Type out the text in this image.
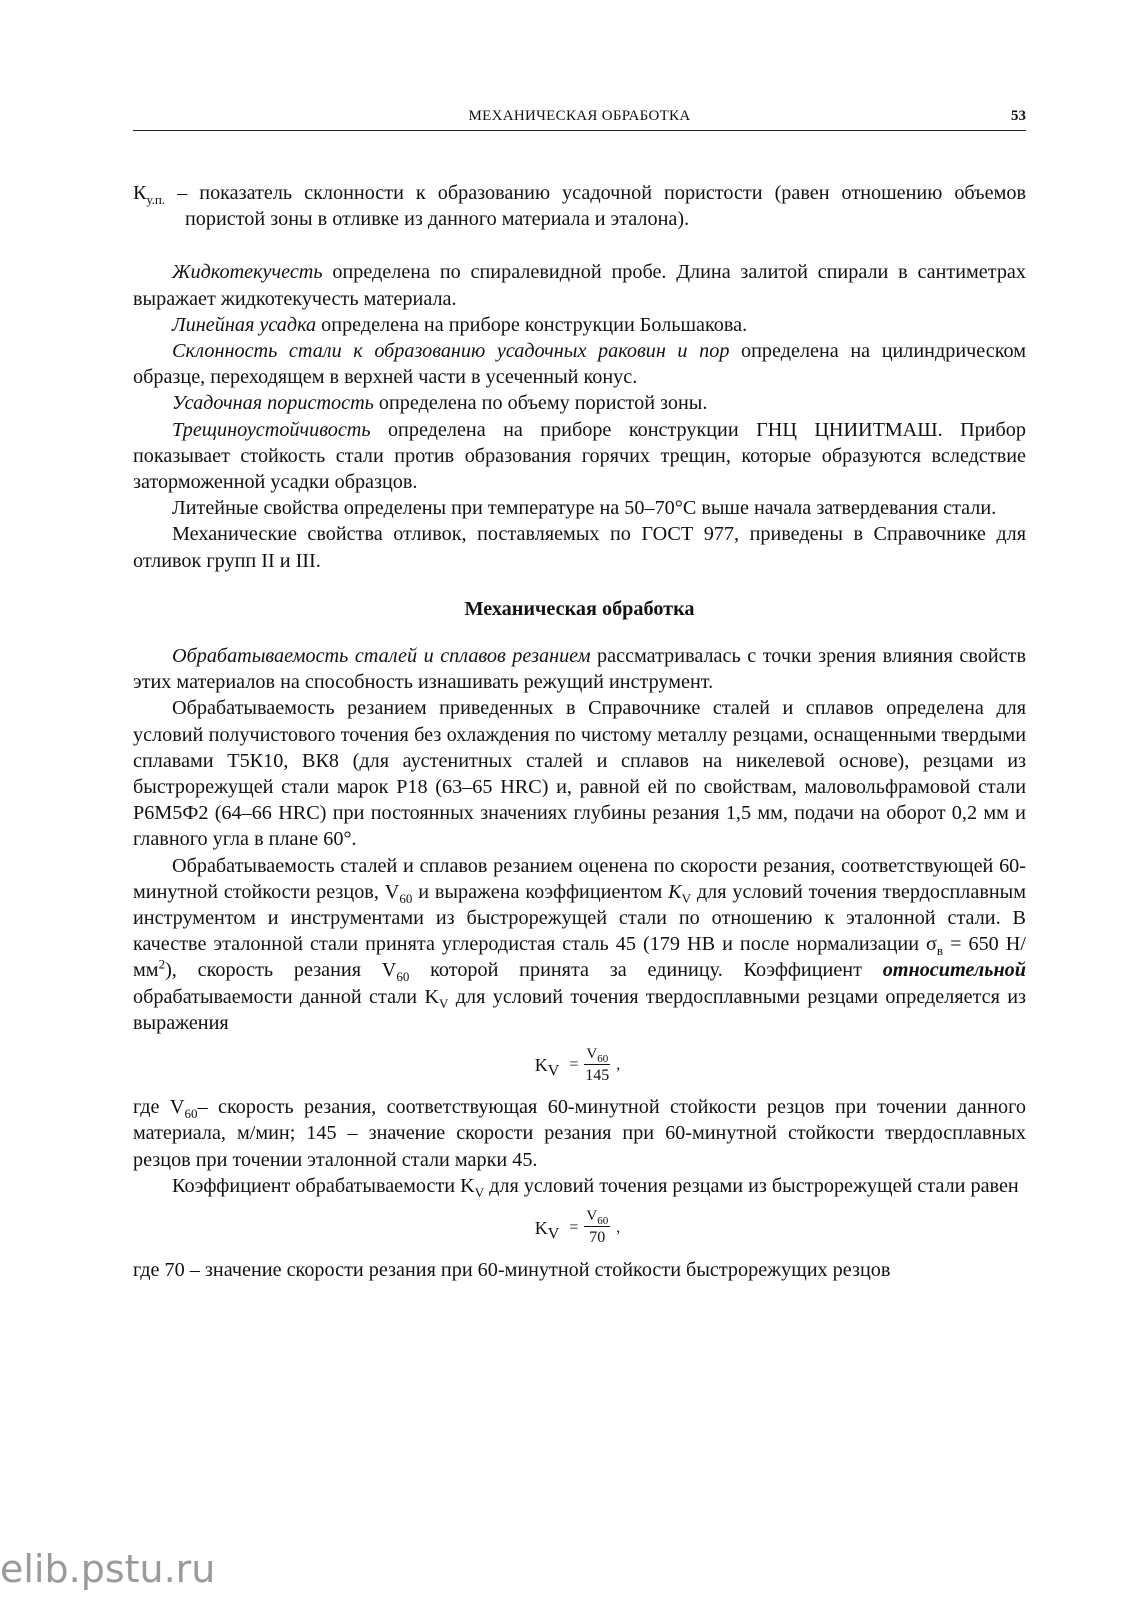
МЕХАНИЧЕСКАЯ ОБРАБОТКА	53

$К_{у.п.}$ – показатель склонности к образованию усадочной пористости (равен отношению объемов пористой зоны в отливке из данного материала и эталона).

Жидкотекучесть определена по спиралевидной пробе. Длина залитой спирали в сантиметрах выражает жидкотекучесть материала.

Линейная усадка определена на приборе конструкции Большакова.

Склонность стали к образованию усадочных раковин и пор определена на цилиндрическом образце, переходящем в верхней части в усеченный конус.

Усадочная пористость определена по объему пористой зоны.

Трещиноустойчивость определена на приборе конструкции ГНЦ ЦНИИТМАШ. Прибор показывает стойкость стали против образования горячих трещин, которые образуются вследствие заторможенной усадки образцов.

Литейные свойства определены при температуре на 50–70°С выше начала затвердевания стали.

Механические свойства отливок, поставляемых по ГОСТ 977, приведены в Справочнике для отливок групп II и III.

Механическая обработка

Обрабатываемость сталей и сплавов резанием рассматривалась с точки зрения влияния свойств этих материалов на способность изнашивать режущий инструмент.

Обрабатываемость резанием приведенных в Справочнике сталей и сплавов определена для условий получистового точения без охлаждения по чистому металлу резцами, оснащенными твердыми сплавами Т5К10, ВК8 (для аустенитных сталей и сплавов на никелевой основе), резцами из быстрорежущей стали марок Р18 (63–65 HRC) и, равной ей по свойствам, маловольфрамовой стали Р6М5Ф2 (64–66 HRC) при постоянных значениях глубины резания 1,5 мм, подачи на оборот 0,2 мм и главного угла в плане 60°.

Обрабатываемость сталей и сплавов резанием оценена по скорости резания, соответствующей 60-минутной стойкости резцов, $V_{60}$ и выражена коэффициентом $K_V$ для условий точения твердосплавным инструментом и инструментами из быстрорежущей стали по отношению к эталонной стали. В качестве эталонной стали принята углеродистая сталь 45 (179 НВ и после нормализации $\sigma_в = 650$ $Н/мм^2$), скорость резания $V_{60}$ которой принята за единицу. Коэффициент относительной обрабатываемости данной стали $K_V$ для условий точения твердосплавными резцами определяется из выражения

$K_V = \frac{V_{60}}{145}$ ,

где $V_{60}-$ скорость резания, соответствующая 60-минутной стойкости резцов при точении данного материала, м/мин; 145 – значение скорости резания при 60-минутной стойкости твердосплавных резцов при точении эталонной стали марки 45.

Коэффициент обрабатываемости $K_V$ для условий точения резцами из быстрорежущей стали равен

$K_V = \frac{V_{60}}{70}$ ,

где 70 – значение скорости резания при 60-минутной стойкости быстрорежущих резцов

elib.pstu.ru
